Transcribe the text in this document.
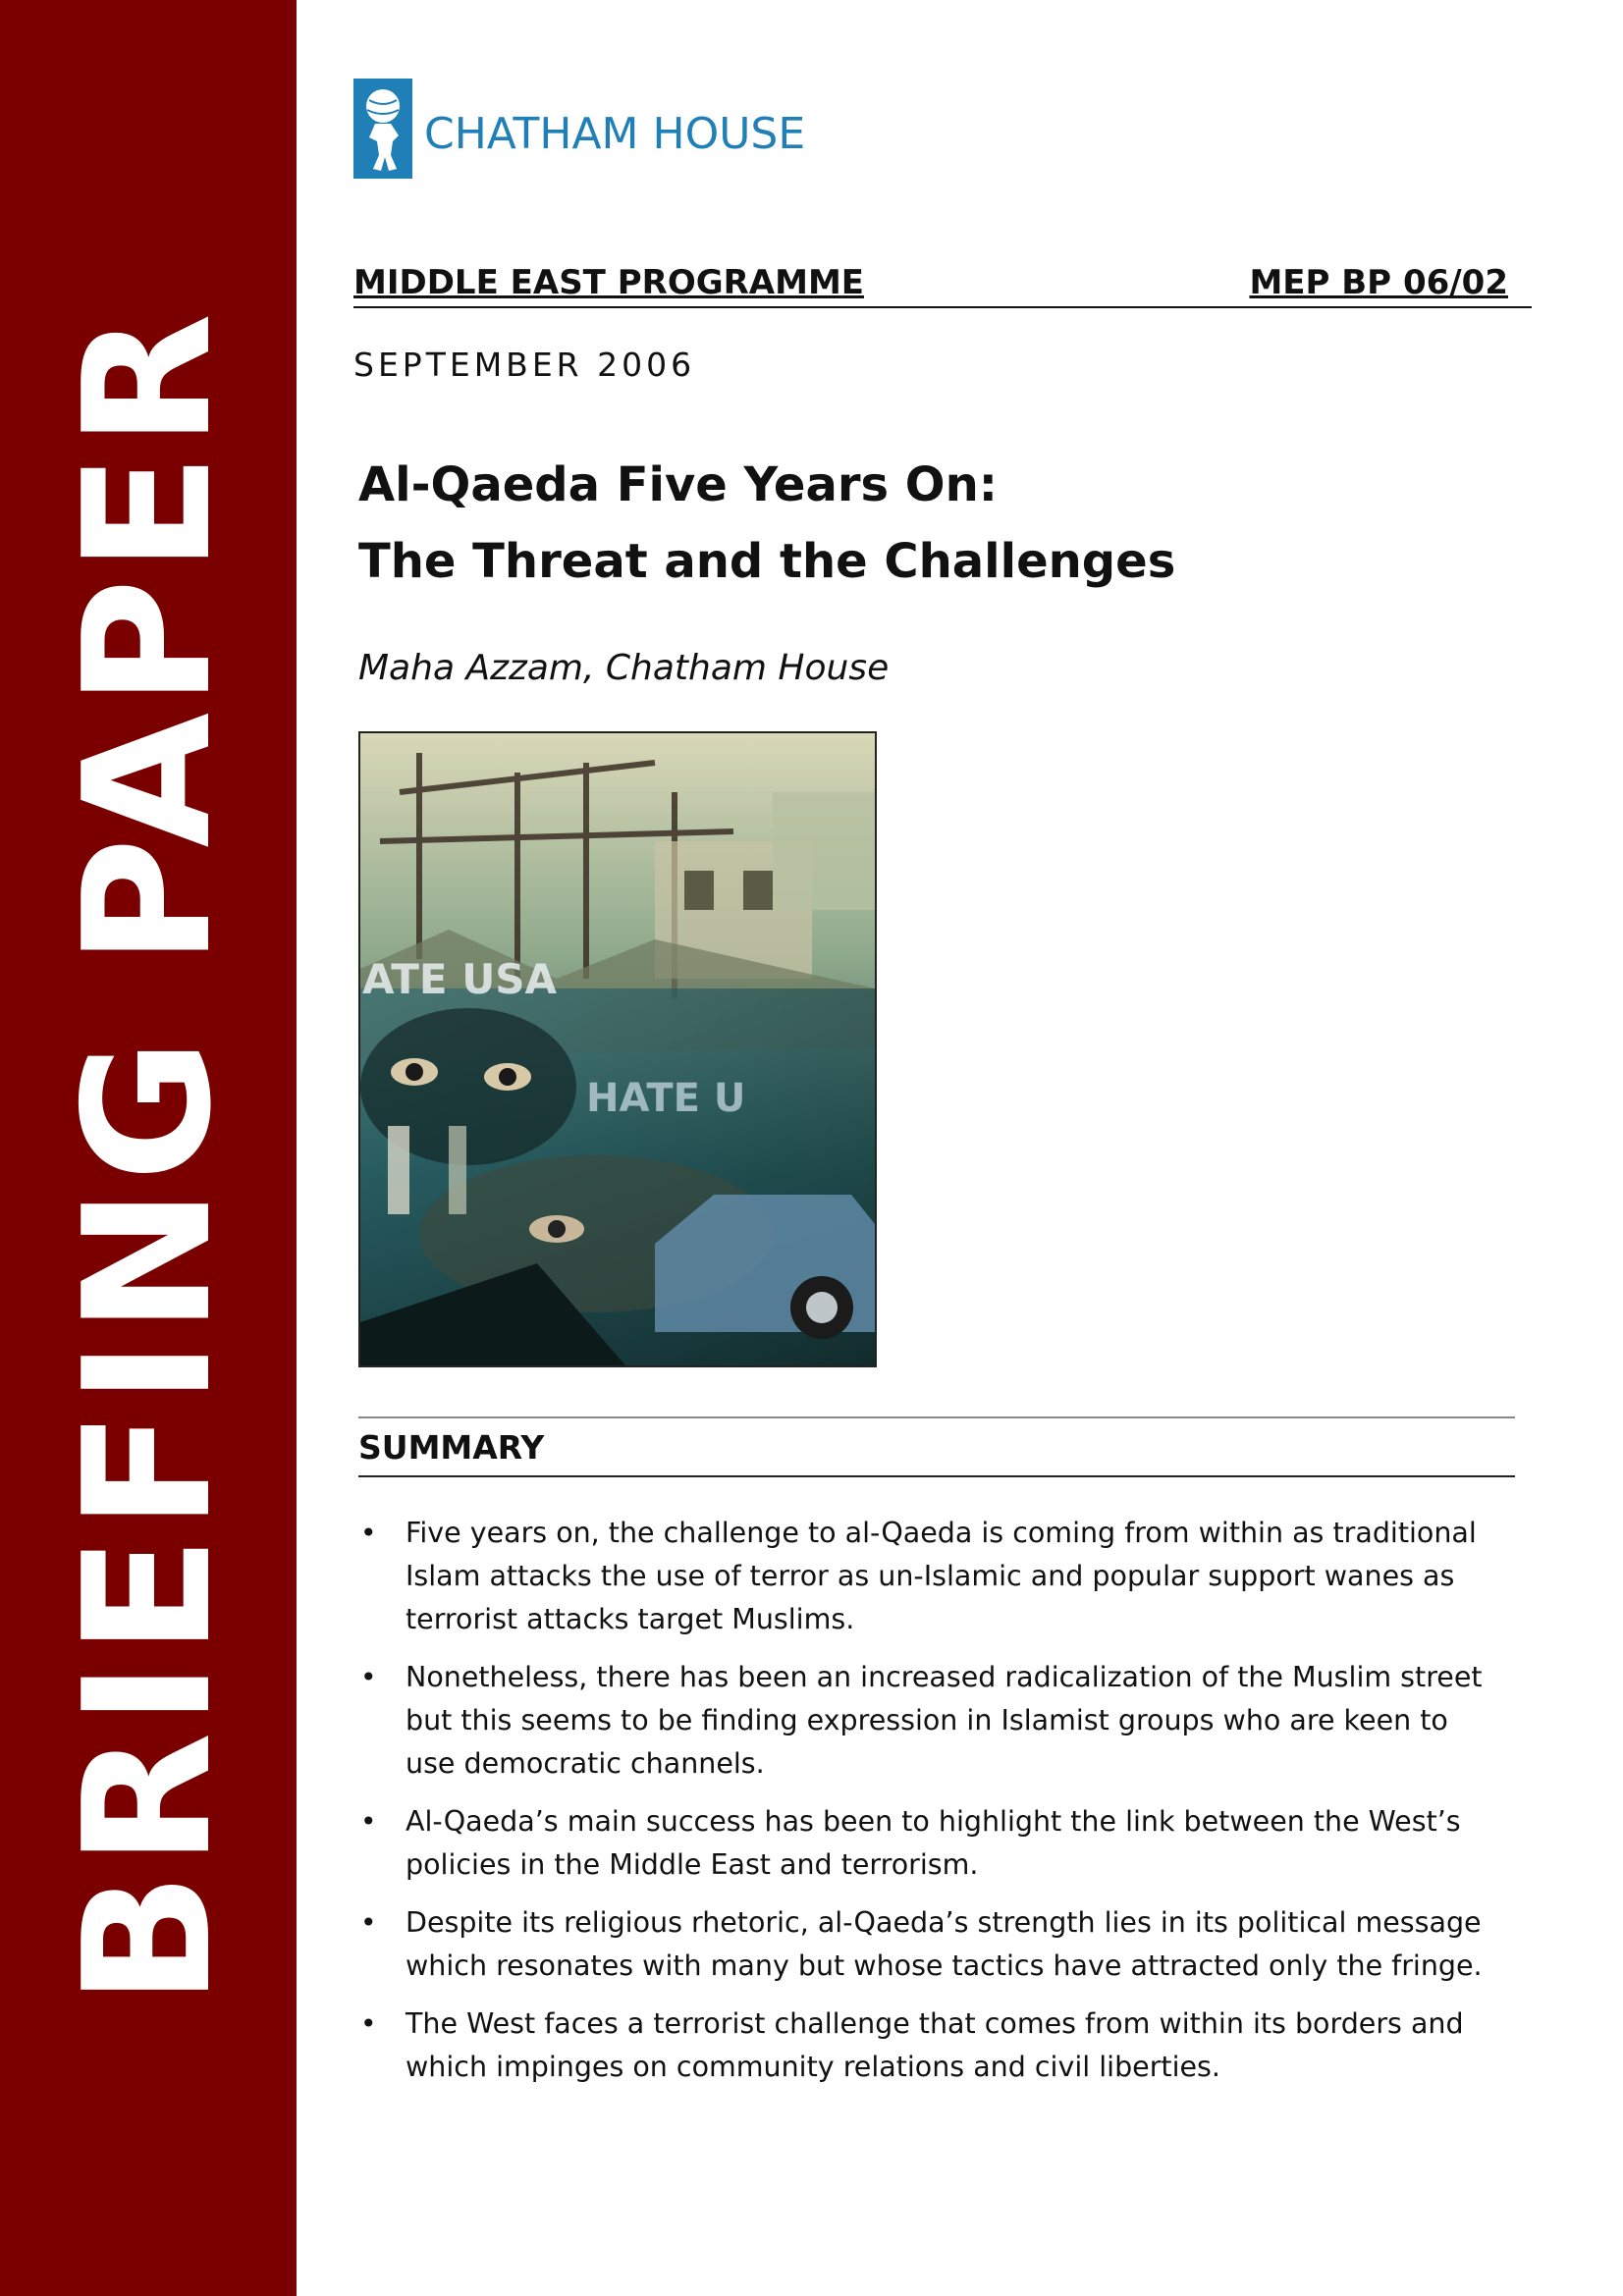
BRIEFING PAPER
CHATHAM HOUSE
MIDDLE EAST PROGRAMME	MEP BP 06/02
SEPTEMBER 2006
Al-Qaeda Five Years On:
The Threat and the Challenges
Maha Azzam, Chatham House
ATE USA
HATE U
SUMMARY
• Five years on, the challenge to al-Qaeda is coming from within as traditional
Islam attacks the use of terror as un-Islamic and popular support wanes as
terrorist attacks target Muslims.
• Nonetheless, there has been an increased radicalization of the Muslim street
but this seems to be finding expression in Islamist groups who are keen to
use democratic channels.
• Al-Qaeda’s main success has been to highlight the link between the West’s
policies in the Middle East and terrorism.
• Despite its religious rhetoric, al-Qaeda’s strength lies in its political message
which resonates with many but whose tactics have attracted only the fringe.
• The West faces a terrorist challenge that comes from within its borders and
which impinges on community relations and civil liberties.
